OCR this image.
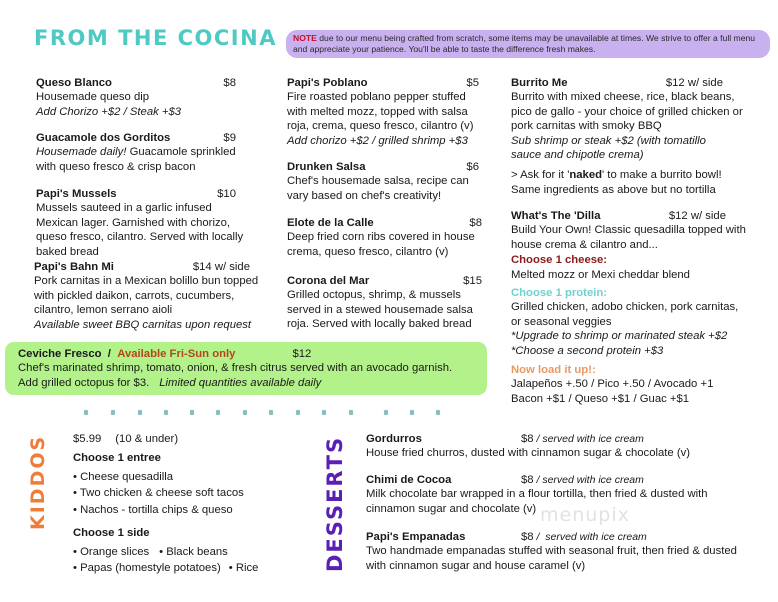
FROM THE COCINA	NOTE due to our menu being crafted from scratch, some items may be unavailable at times. We strive to offer a full menu and appreciate your patience. You'll be able to taste the difference fresh makes.
Queso Blanco	$8
Housemade queso dip
Add Chorizo +$2 / Steak +$3
Guacamole dos Gorditos	$9
Housemade daily! Guacamole sprinkled with queso fresco & crisp bacon
Papi's Mussels	$10
Mussels sauteed in a garlic infused Mexican lager. Garnished with chorizo, queso fresco, cilantro. Served with locally baked bread
Papi's Bahn Mi	$14 w/ side
Pork carnitas in a Mexican bolillo bun topped with pickled daikon, carrots, cucumbers, cilantro, lemon serrano aioli
Available sweet BBQ carnitas upon request
Papi's Poblano	$5
Fire roasted poblano pepper stuffed with melted mozz, topped with salsa roja, crema, queso fresco, cilantro (v)
Add chorizo +$2 / grilled shrimp +$3
Drunken Salsa	$6
Chef's housemade salsa, recipe can vary based on chef's creativity!
Elote de la Calle	$8
Deep fried corn ribs covered in house crema, queso fresco, cilantro (v)
Corona del Mar	$15
Grilled octopus, shrimp, & mussels served in a stewed housemade salsa roja. Served with locally baked bread
Burrito Me	$12 w/ side
Burrito with mixed cheese, rice, black beans, pico de gallo - your choice of grilled chicken or pork carnitas with smoky BBQ
Sub shrimp or steak +$2 (with tomatillo sauce and chipotle crema)
> Ask for it 'naked' to make a burrito bowl! Same ingredients as above but no tortilla
What's The 'Dilla	$12 w/ side
Build Your Own! Classic quesadilla topped with house crema & cilantro and...
Choose 1 cheese:
Melted mozz or Mexi cheddar blend
Choose 1 protein:
Grilled chicken, adobo chicken, pork carnitas, or seasonal veggies
*Upgrade to shrimp or marinated steak +$2
*Choose a second protein +$3
Now load it up!:
Jalapeños +.50 / Pico +.50 / Avocado +1
Bacon +$1 / Queso +$1 / Guac +$1
Ceviche Fresco / Available Fri-Sun only	$12
Chef's marinated shrimp, tomato, onion, & fresh citrus served with an avocado garnish.
Add grilled octopus for $3. Limited quantities available daily
KIDDOS $5.99 (10 & under)
Choose 1 entree
• Cheese quesadilla
• Two chicken & cheese soft tacos
• Nachos - tortilla chips & queso
Choose 1 side
• Orange slices • Black beans
• Papas (homestyle potatoes) • Rice	DESSERTS Gordurros	$8 / served with ice cream
House fried churros, dusted with cinnamon sugar & chocolate (v)
Chimi de Cocoa	$8 / served with ice cream
Milk chocolate bar wrapped in a flour tortilla, then fried & dusted with cinnamon sugar and chocolate (v) menupix
Papi's Empanadas	$8 /  served with ice cream
Two handmade empanadas stuffed with seasonal fruit, then fried & dusted with cinnamon sugar and house caramel (v)
